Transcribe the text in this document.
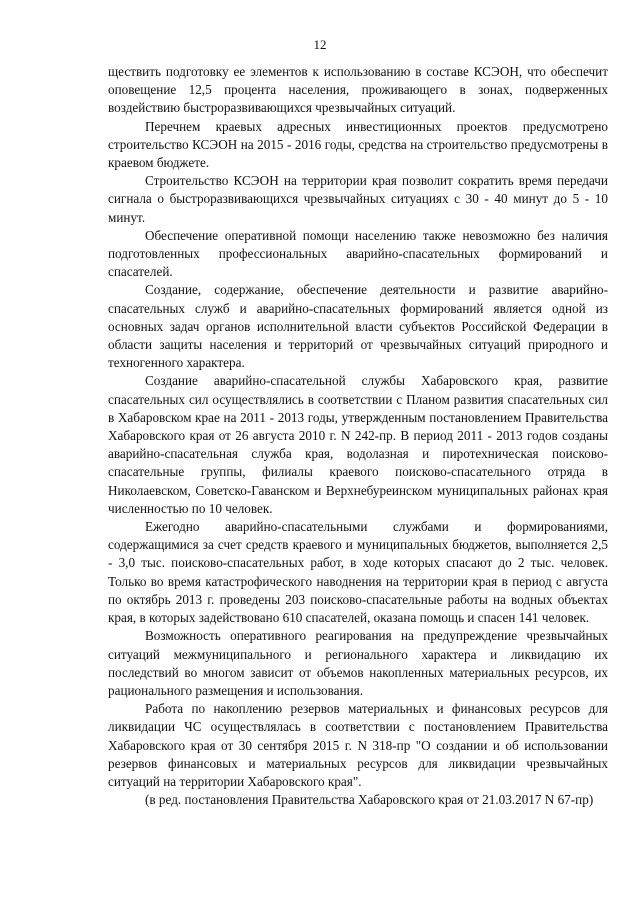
12

ществить подготовку ее элементов к использованию в составе КСЭОН, что обеспечит оповещение 12,5 процента населения, проживающего в зонах, подверженных воздействию быстроразвивающихся чрезвычайных ситуаций.

Перечнем краевых адресных инвестиционных проектов предусмотрено строительство КСЭОН на 2015 - 2016 годы, средства на строительство предусмотрены в краевом бюджете.

Строительство КСЭОН на территории края позволит сократить время передачи сигнала о быстроразвивающихся чрезвычайных ситуациях с 30 - 40 минут до 5 - 10 минут.

Обеспечение оперативной помощи населению также невозможно без наличия подготовленных профессиональных аварийно-спасательных формирований и спасателей.

Создание, содержание, обеспечение деятельности и развитие аварийно-спасательных служб и аварийно-спасательных формирований является одной из основных задач органов исполнительной власти субъектов Российской Федерации в области защиты населения и территорий от чрезвычайных ситуаций природного и техногенного характера.

Создание аварийно-спасательной службы Хабаровского края, развитие спасательных сил осуществлялись в соответствии с Планом развития спасательных сил в Хабаровском крае на 2011 - 2013 годы, утвержденным постановлением Правительства Хабаровского края от 26 августа 2010 г. N 242-пр. В период 2011 - 2013 годов созданы аварийно-спасательная служба края, водолазная и пиротехническая поисково-спасательные группы, филиалы краевого поисково-спасательного отряда в Николаевском, Советско-Гаванском и Верхнебуреинском муниципальных районах края численностью по 10 человек.

Ежегодно аварийно-спасательными службами и формированиями, содержащимися за счет средств краевого и муниципальных бюджетов, выполняется 2,5 - 3,0 тыс. поисково-спасательных работ, в ходе которых спасают до 2 тыс. человек. Только во время катастрофического наводнения на территории края в период с августа по октябрь 2013 г. проведены 203 поисково-спасательные работы на водных объектах края, в которых задействовано 610 спасателей, оказана помощь и спасен 141 человек.

Возможность оперативного реагирования на предупреждение чрезвычайных ситуаций межмуниципального и регионального характера и ликвидацию их последствий во многом зависит от объемов накопленных материальных ресурсов, их рационального размещения и использования.

Работа по накоплению резервов материальных и финансовых ресурсов для ликвидации ЧС осуществлялась в соответствии с постановлением Правительства Хабаровского края от 30 сентября 2015 г. N 318-пр "О создании и об использовании резервов финансовых и материальных ресурсов для ликвидации чрезвычайных ситуаций на территории Хабаровского края".

(в ред. постановления Правительства Хабаровского края от 21.03.2017 N 67-пр)
